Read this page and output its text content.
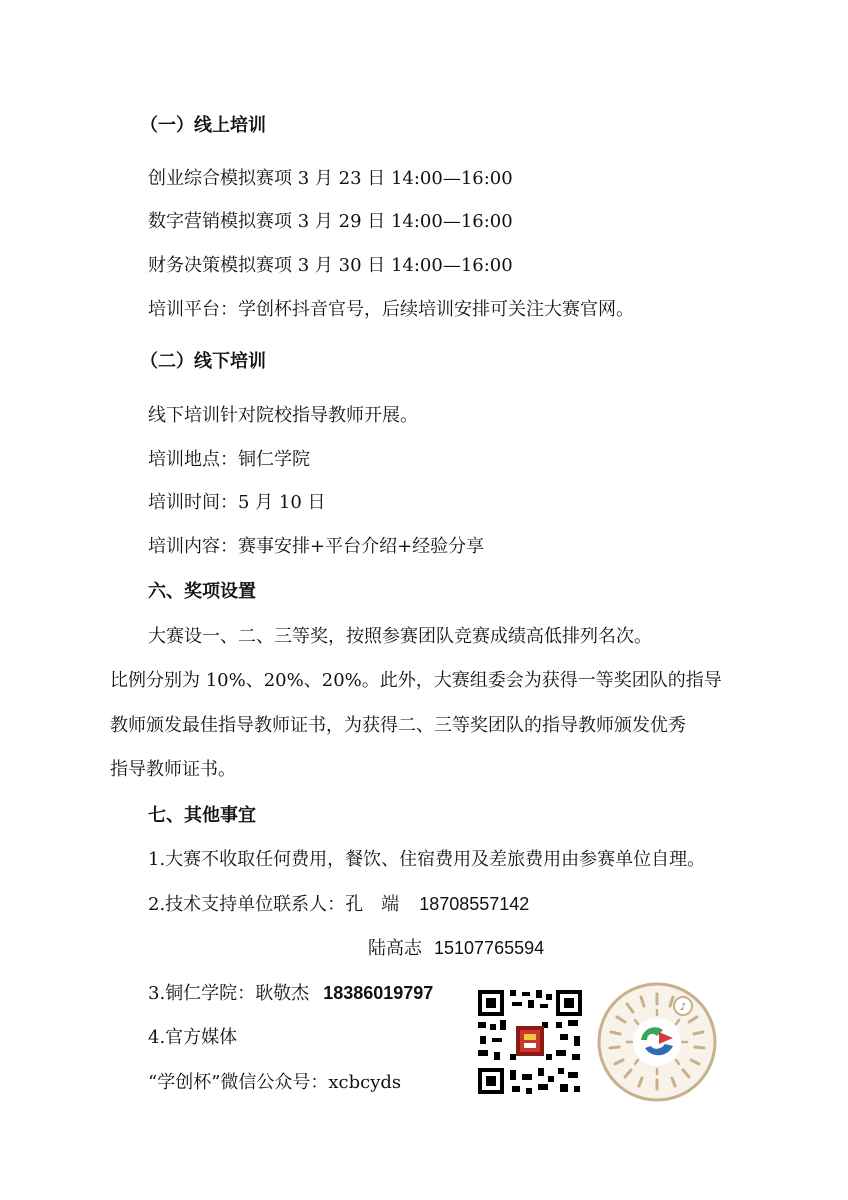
（一）线上培训
创业综合模拟赛项 3 月 23 日 14:00—16:00
数字营销模拟赛项 3 月 29 日 14:00—16:00
财务决策模拟赛项 3 月 30 日 14:00—16:00
培训平台：学创杯抖音官号，后续培训安排可关注大赛官网。
（二）线下培训
线下培训针对院校指导教师开展。
培训地点：铜仁学院
培训时间：5 月 10 日
培训内容：赛事安排+平台介绍+经验分享
六、奖项设置
大赛设一、二、三等奖，按照参赛团队竞赛成绩高低排列名次。
比例分别为 10%、20%、20%。此外，大赛组委会为获得一等奖团队的指导
教师颁发最佳指导教师证书，为获得二、三等奖团队的指导教师颁发优秀
指导教师证书。
七、其他事宜
1.大赛不收取任何费用，餐饮、住宿费用及差旅费用由参赛单位自理。
2.技术支持单位联系人：孔　端 18708557142
陆高志 15107765594
3.铜仁学院：耿敬杰 18386019797
4.官方媒体
“学创杯”微信公众号：xcbcyds
♪
